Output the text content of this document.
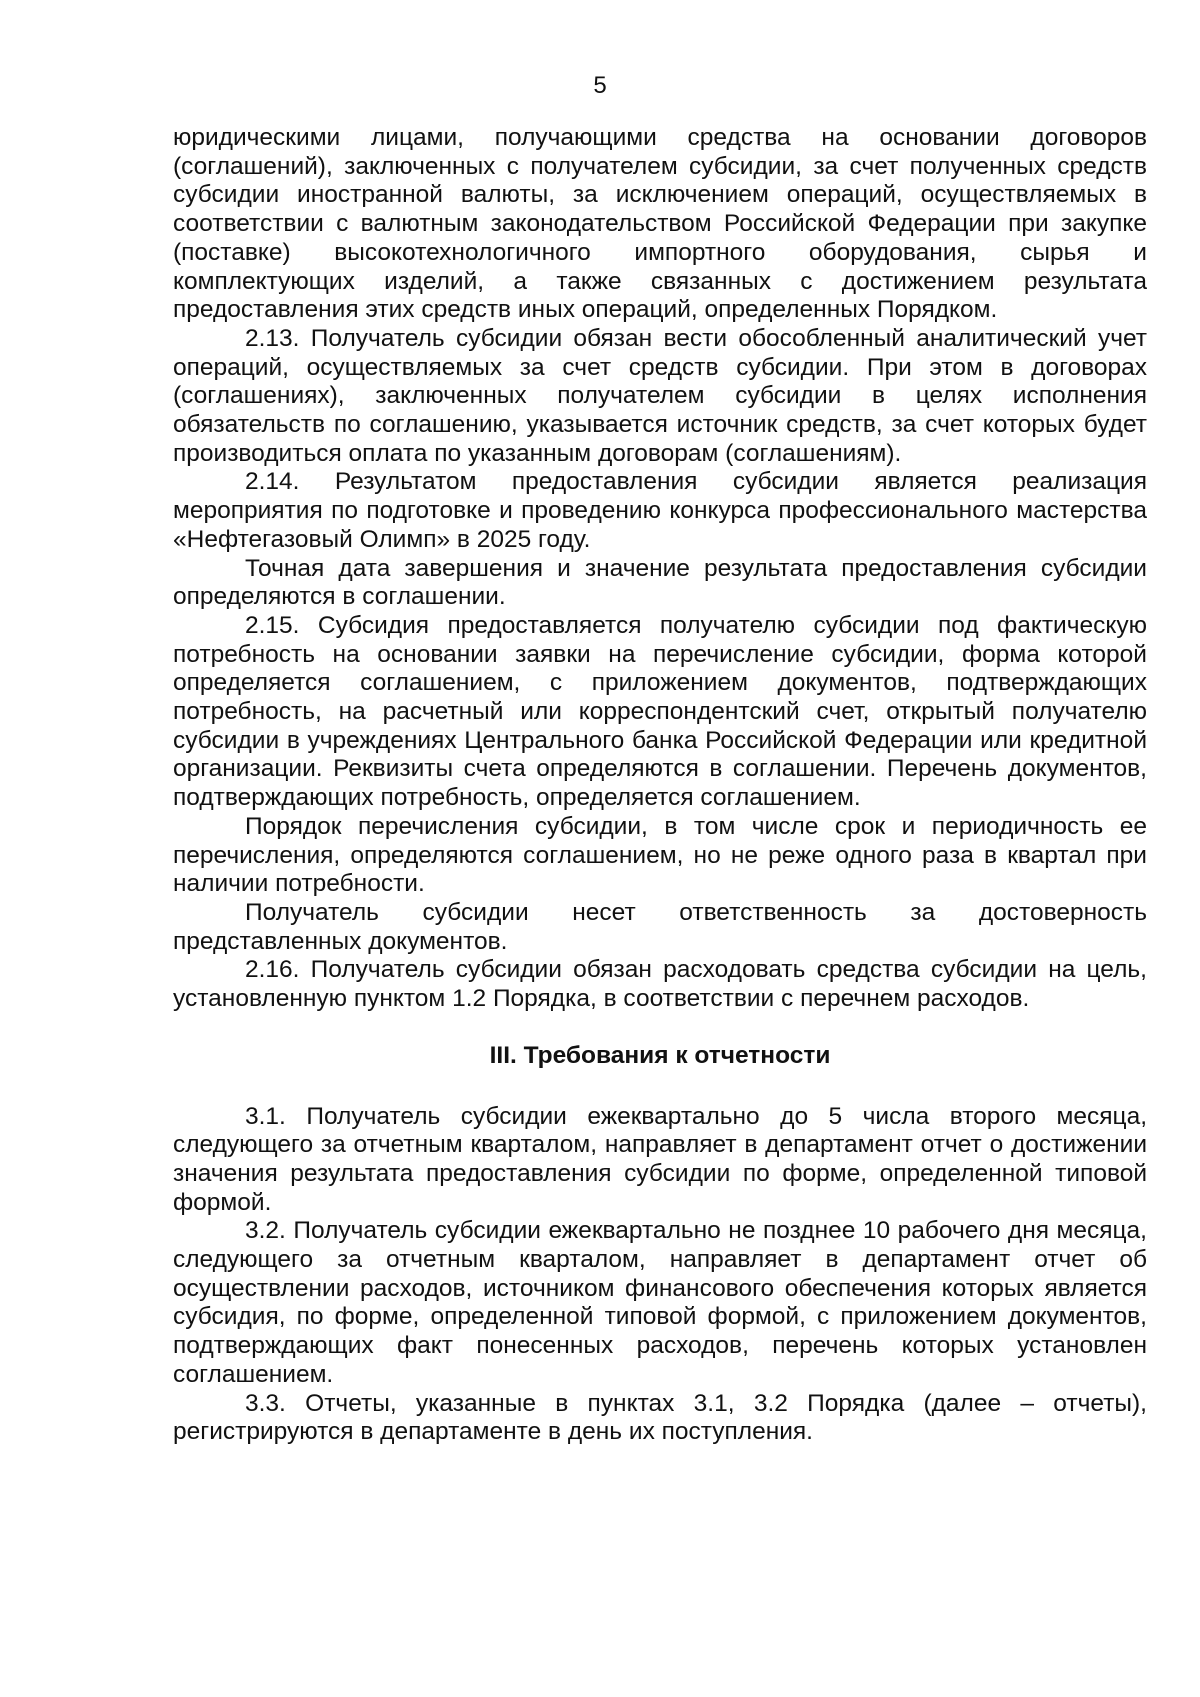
5

юридическими лицами, получающими средства на основании договоров (соглашений), заключенных с получателем субсидии, за счет полученных средств субсидии иностранной валюты, за исключением операций, осуществляемых в соответствии с валютным законодательством Российской Федерации при закупке (поставке) высокотехнологичного импортного оборудования, сырья и комплектующих изделий, а также связанных с достижением результата предоставления этих средств иных операций, определенных Порядком.

2.13. Получатель субсидии обязан вести обособленный аналитический учет операций, осуществляемых за счет средств субсидии. При этом в договорах (соглашениях), заключенных получателем субсидии в целях исполнения обязательств по соглашению, указывается источник средств, за счет которых будет производиться оплата по указанным договорам (соглашениям).

2.14. Результатом предоставления субсидии является реализация мероприятия по подготовке и проведению конкурса профессионального мастерства «Нефтегазовый Олимп» в 2025 году.

Точная дата завершения и значение результата предоставления субсидии определяются в соглашении.

2.15. Субсидия предоставляется получателю субсидии под фактическую потребность на основании заявки на перечисление субсидии, форма которой определяется соглашением, с приложением документов, подтверждающих потребность, на расчетный или корреспондентский счет, открытый получателю субсидии в учреждениях Центрального банка Российской Федерации или кредитной организации. Реквизиты счета определяются в соглашении. Перечень документов, подтверждающих потребность, определяется соглашением.

Порядок перечисления субсидии, в том числе срок и периодичность ее перечисления, определяются соглашением, но не реже одного раза в квартал при наличии потребности.

Получатель субсидии несет ответственность за достоверность представленных документов.

2.16. Получатель субсидии обязан расходовать средства субсидии на цель, установленную пунктом 1.2 Порядка, в соответствии с перечнем расходов.

III. Требования к отчетности

3.1. Получатель субсидии ежеквартально до 5 числа второго месяца, следующего за отчетным кварталом, направляет в департамент отчет о достижении значения результата предоставления субсидии по форме, определенной типовой формой.

3.2. Получатель субсидии ежеквартально не позднее 10 рабочего дня месяца, следующего за отчетным кварталом, направляет в департамент отчет об осуществлении расходов, источником финансового обеспечения которых является субсидия, по форме, определенной типовой формой, с приложением документов, подтверждающих факт понесенных расходов, перечень которых установлен соглашением.

3.3. Отчеты, указанные в пунктах 3.1, 3.2 Порядка (далее – отчеты), регистрируются в департаменте в день их поступления.
